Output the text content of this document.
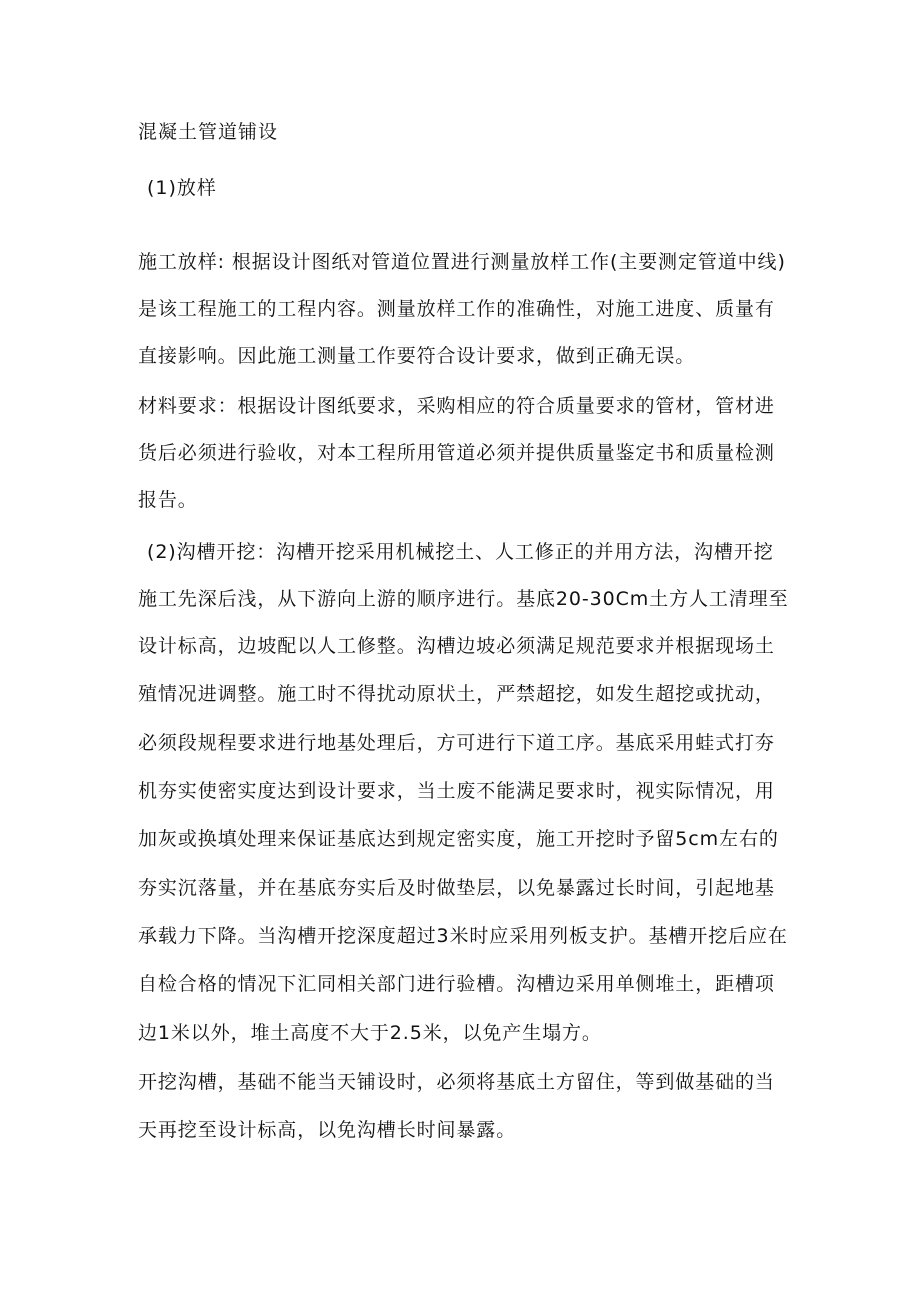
混凝土管道铺设
(1)放样
施工放样: 根据设计图纸对管道位置进行测量放样工作(主要测定管道中线)
是该工程施工的工程内容。测量放样工作的准确性，对施工进度、质量有
直接影响。因此施工测量工作要符合设计要求，做到正确无误。
材料要求：根据设计图纸要求，采购相应的符合质量要求的管材，管材进
货后必须进行验收，对本工程所用管道必须并提供质量鉴定书和质量检测
报告。
(2)沟槽开挖：沟槽开挖采用机械挖土、人工修正的并用方法，沟槽开挖
施工先深后浅，从下游向上游的顺序进行。基底20-30Cm土方人工清理至
设计标高，边坡配以人工修整。沟槽边坡必须满足规范要求并根据现场土
殖情况进调整。施工时不得扰动原状土，严禁超挖，如发生超挖或扰动，
必须段规程要求进行地基处理后，方可进行下道工序。基底采用蛙式打夯
机夯实使密实度达到设计要求，当土废不能满足要求时，视实际情况，用
加灰或换填处理来保证基底达到规定密实度，施工开挖时予留5cm左右的
夯实沉落量，并在基底夯实后及时做垫层，以免暴露过长时间，引起地基
承载力下降。当沟槽开挖深度超过3米时应采用列板支护。基槽开挖后应在
自检合格的情况下汇同相关部门进行验槽。沟槽边采用单侧堆土，距槽项
边1米以外，堆土高度不大于2.5米，以免产生塌方。
开挖沟槽，基础不能当天铺设时，必须将基底土方留住，等到做基础的当
天再挖至设计标高，以免沟槽长时间暴露。
